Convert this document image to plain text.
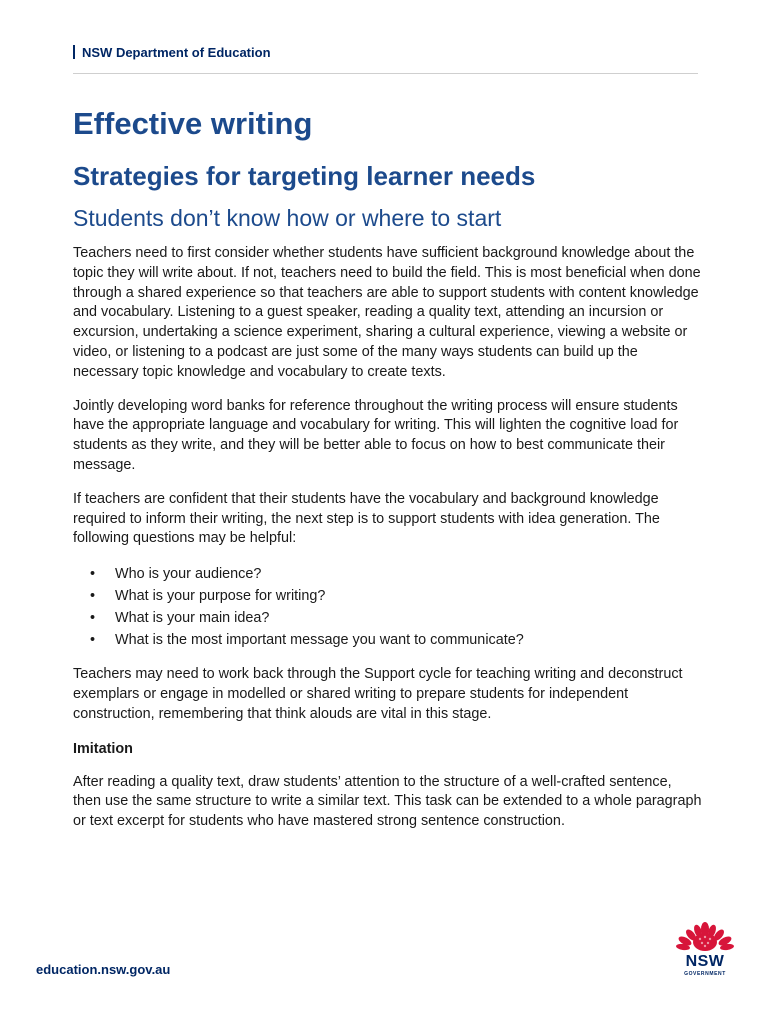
NSW Department of Education
Effective writing
Strategies for targeting learner needs
Students don’t know how or where to start

Teachers need to first consider whether students have sufficient background knowledge about the topic they will write about. If not, teachers need to build the field. This is most beneficial when done through a shared experience so that teachers are able to support students with content knowledge and vocabulary. Listening to a guest speaker, reading a quality text, attending an incursion or excursion, undertaking a science experiment, sharing a cultural experience, viewing a website or video, or listening to a podcast are just some of the many ways students can build up the necessary topic knowledge and vocabulary to create texts.

Jointly developing word banks for reference throughout the writing process will ensure students have the appropriate language and vocabulary for writing. This will lighten the cognitive load for students as they write, and they will be better able to focus on how to best communicate their message.

If teachers are confident that their students have the vocabulary and background knowledge required to inform their writing, the next step is to support students with idea generation. The following questions may be helpful:

• Who is your audience?
• What is your purpose for writing?
• What is your main idea?
• What is the most important message you want to communicate?

Teachers may need to work back through the Support cycle for teaching writing and deconstruct exemplars or engage in modelled or shared writing to prepare students for independent construction, remembering that think alouds are vital in this stage.

Imitation

After reading a quality text, draw students’ attention to the structure of a well-crafted sentence, then use the same structure to write a similar text. This task can be extended to a whole paragraph or text excerpt for students who have mastered strong sentence construction.

education.nsw.gov.au	NSW
GOVERNMENT
